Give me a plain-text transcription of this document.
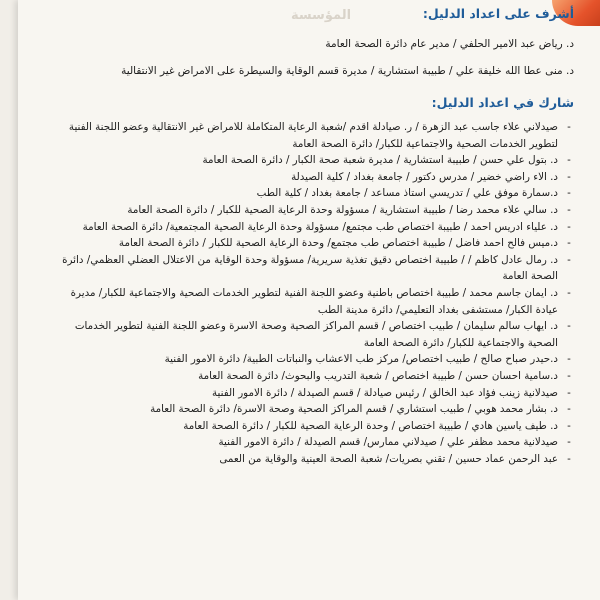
المؤسسة	أشرف على اعداد الدليل:
د. رياض عبد الامير الحلفي / مدير عام دائرة الصحة العامة
د. منى عطا الله خليفة علي / طبيبة استشارية / مديرة قسم الوقاية والسيطرة على الامراض غير الانتقالية
شارك في اعداد الدليل:
-
صيدلاني علاء جاسب عبد الزهرة / ر. صيادلة اقدم /شعبة الرعاية المتكاملة للامراض غير الانتقالية وعضو اللجنة الفنية لتطوير الخدمات الصحية والاجتماعية للكبار/ دائرة الصحة العامة
-
د. بتول علي حسن / طبيبة استشارية / مديرة شعبة صحة الكبار / دائرة الصحة العامة
-
د. الاء راضي خضير / مدرس دكتور / جامعة بغداد / كلية الصيدلة
-
د.سمارة موفق علي / تدريسي استاذ مساعد / جامعة بغداد / كلية الطب
-
د. سالي علاء محمد رضا / طبيبة استشارية / مسؤولة وحدة الرعاية الصحية للكبار / دائرة الصحة العامة
-
د. علياء ادريس احمد / طبيبة اختصاص طب مجتمع/ مسؤولة وحدة الرعاية الصحية المجتمعية/ دائرة الصحة العامة
-
د.ميس فالح احمد فاضل / طبيبة اختصاص طب مجتمع/ وحدة الرعاية الصحية للكبار / دائرة الصحة العامة
-
د. رمال عادل كاظم / / طبيبة اختصاص دقيق تغذية سريرية/ مسؤولة وحدة الوقاية من الاعتلال العضلي العظمي/ دائرة الصحة العامة
-
د. ايمان جاسم محمد / طبيبة اختصاص باطنية وعضو اللجنة الفنية لتطوير الخدمات الصحية والاجتماعية للكبار/ مديرة عيادة الكبار/ مستشفى بغداد التعليمي/ دائرة مدينة الطب
-
د. ايهاب سالم سليمان / طبيب اختصاص / قسم المراكز الصحية وصحة الاسرة وعضو اللجنة الفنية لتطوير الخدمات الصحية والاجتماعية للكبار/ دائرة الصحة العامة
-
د.حيدر صباح صالح / طبيب اختصاص/ مركز طب الاعشاب والنباتات الطبية/ دائرة الامور الفنية
-
د.سامية احسان حسن / طبيبة اختصاص / شعبة التدريب والبحوث/ دائرة الصحة العامة
-
صيدلانية زينب فؤاد عبد الخالق / رئيس صيادلة / قسم الصيدلة / دائرة الامور الفنية
-
د. بشار محمد هوبي / طبيب استشاري / قسم المراكز الصحية وصحة الاسرة/ دائرة الصحة العامة
-
د. طيف ياسين هادي / طبيبة اختصاص / وحدة الرعاية الصحية للكبار / دائرة الصحة العامة
-
صيدلانية محمد مظفر علي / صيدلاني ممارس/ قسم الصيدلة / دائرة الامور الفنية
-
عبد الرحمن عماد حسين / تقني بصريات/ شعبة الصحة العينية والوقاية من العمى
